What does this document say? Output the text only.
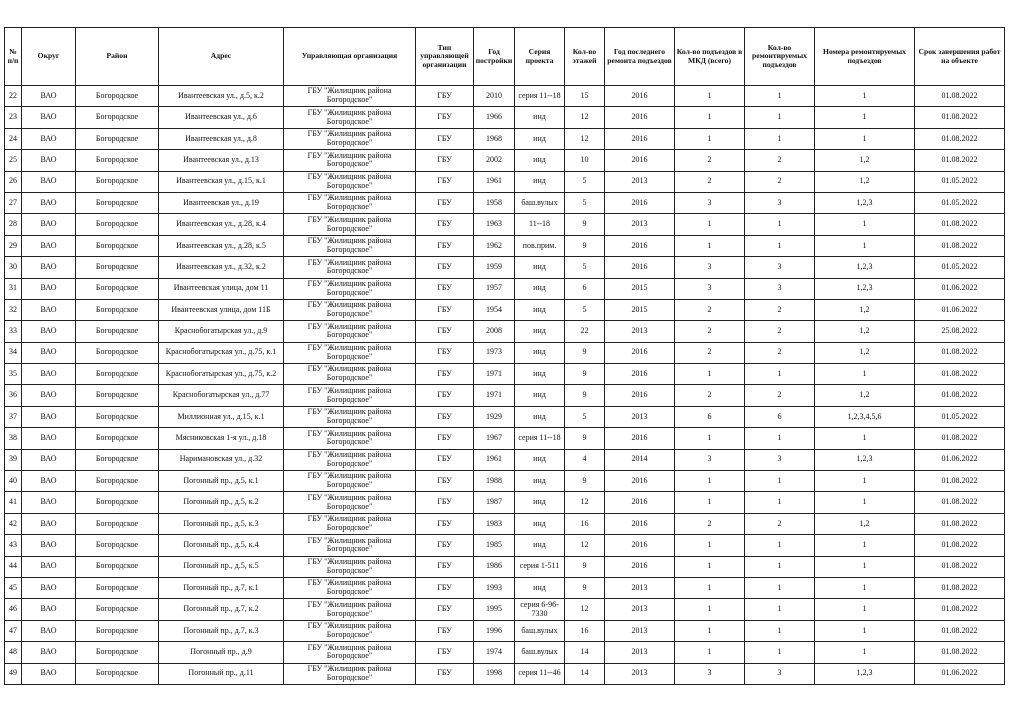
№ п/п	Округ	Район	Адрес	Управляющая организация	Тип управляющей организации	Год постройки	Серия проекта	Кол-во этажей	Год последнего ремонта подъездов	Кол-во подъездов в МКД (всего)	Кол-во ремонтируемых подъездов	Номера ремонтируемых подъездов	Срок завершения работ на объекте
22	ВАО	Богородское	Ивантеевская ул., д.5, к.2	ГБУ "Жилищник района Богородское"	ГБУ	2010	серия 11--18	15	2016	1	1	1	01.08.2022
23	ВАО	Богородское	Ивантеевская ул., д.6	ГБУ "Жилищник района Богородское"	ГБУ	1966	инд	12	2016	1	1	1	01.08.2022
24	ВАО	Богородское	Ивантеевская ул., д.8	ГБУ "Жилищник района Богородское"	ГБУ	1968	инд	12	2016	1	1	1	01.08.2022
25	ВАО	Богородское	Ивантеевская ул., д.13	ГБУ "Жилищник района Богородское"	ГБУ	2002	инд	10	2016	2	2	1,2	01.08.2022
26	ВАО	Богородское	Ивантеевская ул., д.15, к.1	ГБУ "Жилищник района Богородское"	ГБУ	1961	инд	5	2013	2	2	1,2	01.05.2022
27	ВАО	Богородское	Ивантеевская ул., д.19	ГБУ "Жилищник района Богородское"	ГБУ	1958	баш.вулых	5	2016	3	3	1,2,3	01.05.2022
28	ВАО	Богородское	Ивантеевская ул., д.28, к.4	ГБУ "Жилищник района Богородское"	ГБУ	1963	11--18	9	2013	1	1	1	01.08.2022
29	ВАО	Богородское	Ивантеевская ул., д.28, к.5	ГБУ "Жилищник района Богородское"	ГБУ	1962	пов.прим.	9	2016	1	1	1	01.08.2022
30	ВАО	Богородское	Ивантеевская ул., д.32, к.2	ГБУ "Жилищник района Богородское"	ГБУ	1959	инд	5	2016	3	3	1,2,3	01.05.2022
31	ВАО	Богородское	Ивантеевская улица, дом 11	ГБУ "Жилищник района Богородское"	ГБУ	1957	инд	6	2015	3	3	1,2,3	01.06.2022
32	ВАО	Богородское	Ивантеевская улица, дом 11Б	ГБУ "Жилищник района Богородское"	ГБУ	1954	инд	5	2015	2	2	1,2	01.06.2022
33	ВАО	Богородское	Краснобогатырская ул., д.9	ГБУ "Жилищник района Богородское"	ГБУ	2008	инд	22	2013	2	2	1,2	25.08.2022
34	ВАО	Богородское	Краснобогатырская ул., д.75, к.1	ГБУ "Жилищник района Богородское"	ГБУ	1973	инд	9	2016	2	2	1,2	01.08.2022
35	ВАО	Богородское	Краснобогатырская ул., д.75, к.2	ГБУ "Жилищник района Богородское"	ГБУ	1971	инд	9	2016	1	1	1	01.08.2022
36	ВАО	Богородское	Краснобогатырская ул., д.77	ГБУ "Жилищник района Богородское"	ГБУ	1971	инд	9	2016	2	2	1,2	01.08.2022
37	ВАО	Богородское	Миллионная ул., д.15, к.1	ГБУ "Жилищник района Богородское"	ГБУ	1929	инд	5	2013	6	6	1,2,3,4,5,6	01.05.2022
38	ВАО	Богородское	Мясниковская 1-я ул., д.18	ГБУ "Жилищник района Богородское"	ГБУ	1967	серия 11--18	9	2016	1	1	1	01.08.2022
39	ВАО	Богородское	Наримановская ул., д.32	ГБУ "Жилищник района Богородское"	ГБУ	1961	инд	4	2014	3	3	1,2,3	01.06.2022
40	ВАО	Богородское	Погонный пр., д.5, к.1	ГБУ "Жилищник района Богородское"	ГБУ	1988	инд	9	2016	1	1	1	01.08.2022
41	ВАО	Богородское	Погонный пр., д.5, к.2	ГБУ "Жилищник района Богородское"	ГБУ	1987	инд	12	2016	1	1	1	01.08.2022
42	ВАО	Богородское	Погонный пр., д.5, к.3	ГБУ "Жилищник района Богородское"	ГБУ	1983	инд	16	2016	2	2	1,2	01.08.2022
43	ВАО	Богородское	Погонный пр., д.5, к.4	ГБУ "Жилищник района Богородское"	ГБУ	1985	инд	12	2016	1	1	1	01.08.2022
44	ВАО	Богородское	Погонный пр., д.5, к.5	ГБУ "Жилищник района Богородское"	ГБУ	1986	серия 1-511	9	2016	1	1	1	01.08.2022
45	ВАО	Богородское	Погонный пр., д.7, к.1	ГБУ "Жилищник района Богородское"	ГБУ	1993	инд	9	2013	1	1	1	01.08.2022
46	ВАО	Богородское	Погонный пр., д.7, к.2	ГБУ "Жилищник района Богородское"	ГБУ	1995	серия 6-96-7330	12	2013	1	1	1	01.08.2022
47	ВАО	Богородское	Погонный пр., д.7, к.3	ГБУ "Жилищник района Богородское"	ГБУ	1996	баш.вулых	16	2013	1	1	1	01.08.2022
48	ВАО	Богородское	Погонный пр., д.9	ГБУ "Жилищник района Богородское"	ГБУ	1974	баш.вулых	14	2013	1	1	1	01.08.2022
49	ВАО	Богородское	Погонный пр., д.11	ГБУ "Жилищник района Богородское"	ГБУ	1998	серия 11--46	14	2013	3	3	1,2,3	01.06.2022
